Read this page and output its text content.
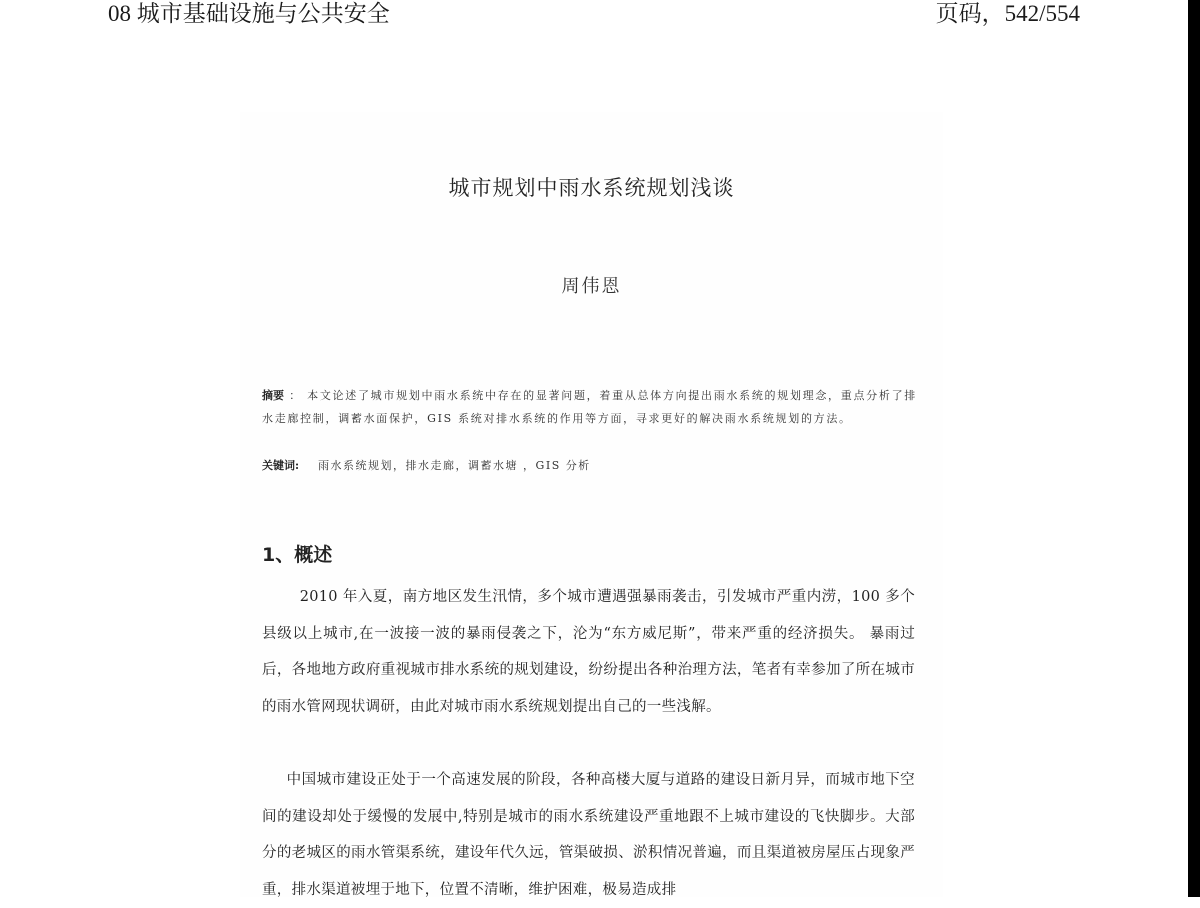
08 城市基础设施与公共安全	页码，542/554
城市规划中雨水系统规划浅谈
周伟恩
摘要 ： 本文论述了城市规划中雨水系统中存在的显著问题，着重从总体方向提出雨水系统的规划理念，重点分析了排水走廊控制，调蓄水面保护，GIS 系统对排水系统的作用等方面，寻求更好的解决雨水系统规划的方法。
关键词: 雨水系统规划，排水走廊，调蓄水塘 ，GIS 分析
1、概述
2010 年入夏，南方地区发生汛情，多个城市遭遇强暴雨袭击，引发城市严重内涝，100 多个县级以上城市,在一波接一波的暴雨侵袭之下，沦为“东方威尼斯”，带来严重的经济损失。 暴雨过后，各地地方政府重视城市排水系统的规划建设，纷纷提出各种治理方法，笔者有幸参加了所在城市的雨水管网现状调研，由此对城市雨水系统规划提出自己的一些浅解。
中国城市建设正处于一个高速发展的阶段，各种高楼大厦与道路的建设日新月异，而城市地下空间的建设却处于缓慢的发展中,特别是城市的雨水系统建设严重地跟不上城市建设的飞快脚步。大部分的老城区的雨水管渠系统，建设年代久远，管渠破损、淤积情况普遍，而且渠道被房屋压占现象严重，排水渠道被埋于地下，位置不清晰，维护困难，极易造成排
